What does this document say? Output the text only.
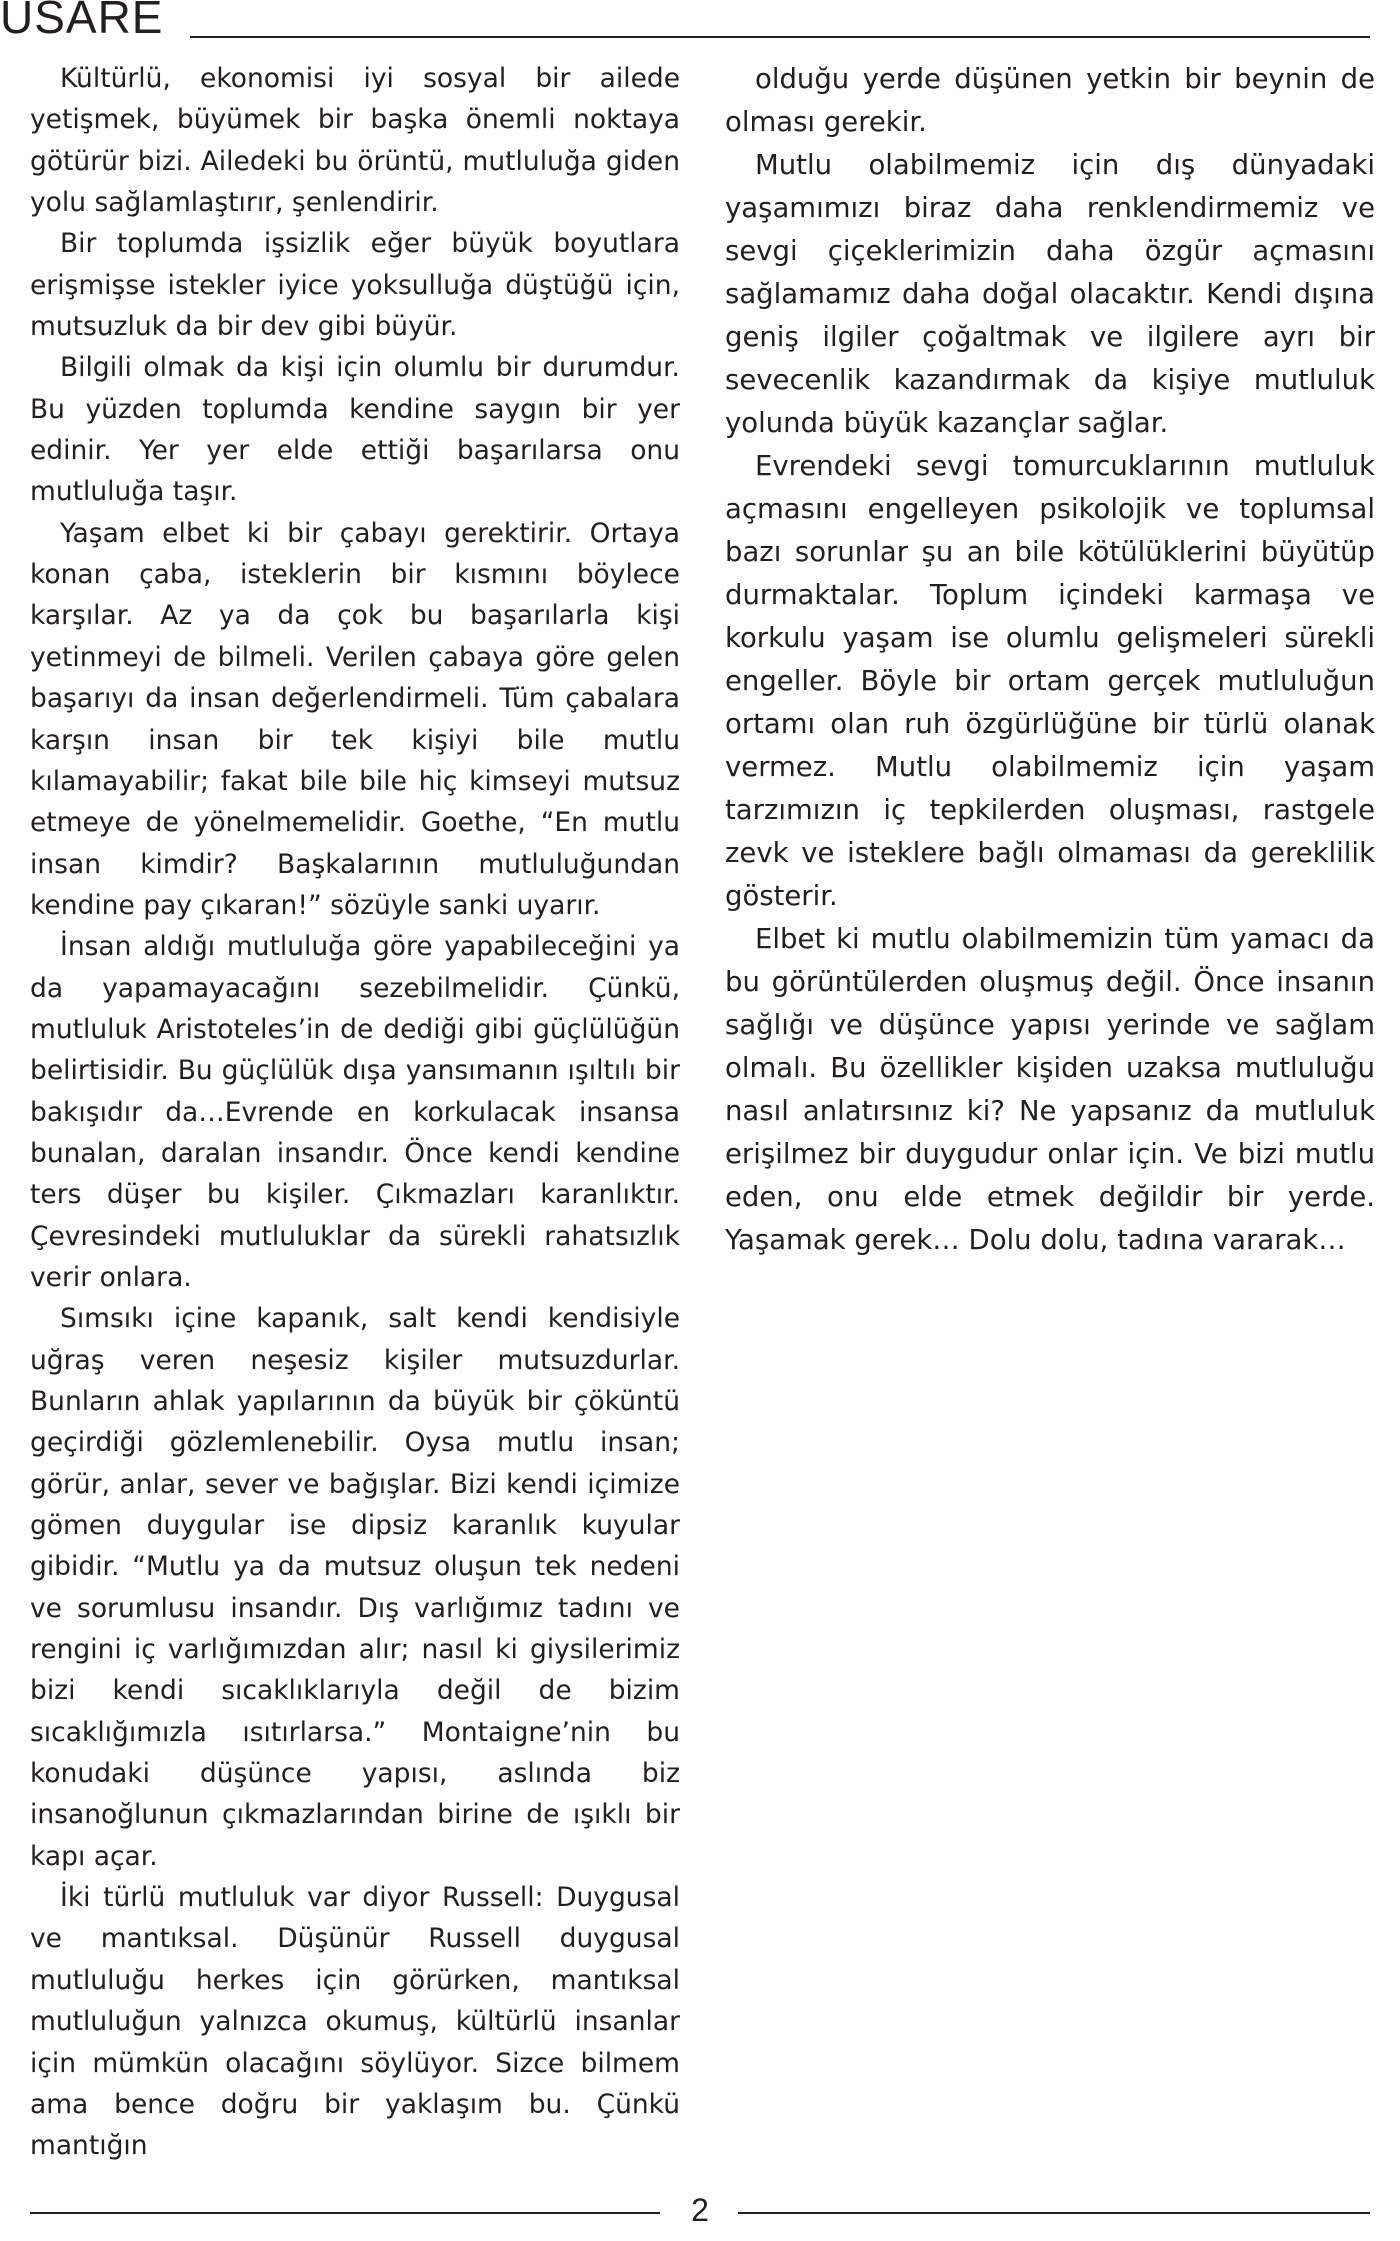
USARE

Kültürlü, ekonomisi iyi sosyal bir ailede yetişmek, büyümek bir başka önemli noktaya götürür bizi. Ailedeki bu örüntü, mutluluğa giden yolu sağlamlaştırır, şenlendirir.

Bir toplumda işsizlik eğer büyük boyutlara erişmişse istekler iyice yoksulluğa düştüğü için, mutsuzluk da bir dev gibi büyür.

Bilgili olmak da kişi için olumlu bir durumdur. Bu yüzden toplumda kendine saygın bir yer edinir. Yer yer elde ettiği başarılarsa onu mutluluğa taşır.

Yaşam elbet ki bir çabayı gerektirir. Ortaya konan çaba, isteklerin bir kısmını böylece karşılar. Az ya da çok bu başarılarla kişi yetinmeyi de bilmeli. Verilen çabaya göre gelen başarıyı da insan değerlendirmeli. Tüm çabalara karşın insan bir tek kişiyi bile mutlu kılamayabilir; fakat bile bile hiç kimseyi mutsuz etmeye de yönelmemelidir. Goethe, “En mutlu insan kimdir? Başkalarının mutluluğundan kendine pay çıkaran!” sözüyle sanki uyarır.

İnsan aldığı mutluluğa göre yapabileceğini ya da yapamayacağını sezebilmelidir. Çünkü, mutluluk Aristoteles’in de dediği gibi güçlülüğün belirtisidir. Bu güçlülük dışa yansımanın ışıltılı bir bakışıdır da…Evrende en korkulacak insansa bunalan, daralan insandır. Önce kendi kendine ters düşer bu kişiler. Çıkmazları karanlıktır. Çevresindeki mutluluklar da sürekli rahatsızlık verir onlara.

Sımsıkı içine kapanık, salt kendi kendisiyle uğraş veren neşesiz kişiler mutsuzdurlar. Bunların ahlak yapılarının da büyük bir çöküntü geçirdiği gözlemlenebilir. Oysa mutlu insan; görür, anlar, sever ve bağışlar. Bizi kendi içimize gömen duygular ise dipsiz karanlık kuyular gibidir. “Mutlu ya da mutsuz oluşun tek nedeni ve sorumlusu insandır. Dış varlığımız tadını ve rengini iç varlığımızdan alır; nasıl ki giysilerimiz bizi kendi sıcaklıklarıyla değil de bizim sıcaklığımızla ısıtırlarsa.” Montaigne’nin bu konudaki düşünce yapısı, aslında biz insanoğlunun çıkmazlarından birine de ışıklı bir kapı açar.

İki türlü mutluluk var diyor Russell: Duygusal ve mantıksal. Düşünür Russell duygusal mutluluğu herkes için görürken, mantıksal mutluluğun yalnızca okumuş, kültürlü insanlar için mümkün olacağını söylüyor. Sizce bilmem ama bence doğru bir yaklaşım bu. Çünkü mantığın

olduğu yerde düşünen yetkin bir beynin de olması gerekir.

Mutlu olabilmemiz için dış dünyadaki yaşamımızı biraz daha renklendirmemiz ve sevgi çiçeklerimizin daha özgür açmasını sağlamamız daha doğal olacaktır. Kendi dışına geniş ilgiler çoğaltmak ve ilgilere ayrı bir sevecenlik kazandırmak da kişiye mutluluk yolunda büyük kazançlar sağlar.

Evrendeki sevgi tomurcuklarının mutluluk açmasını engelleyen psikolojik ve toplumsal bazı sorunlar şu an bile kötülüklerini büyütüp durmaktalar. Toplum içindeki karmaşa ve korkulu yaşam ise olumlu gelişmeleri sürekli engeller. Böyle bir ortam gerçek mutluluğun ortamı olan ruh özgürlüğüne bir türlü olanak vermez. Mutlu olabilmemiz için yaşam tarzımızın iç tepkilerden oluşması, rastgele zevk ve isteklere bağlı olmaması da gereklilik gösterir.

Elbet ki mutlu olabilmemizin tüm yamacı da bu görüntülerden oluşmuş değil. Önce insanın sağlığı ve düşünce yapısı yerinde ve sağlam olmalı. Bu özellikler kişiden uzaksa mutluluğu nasıl anlatırsınız ki? Ne yapsanız da mutluluk erişilmez bir duygudur onlar için. Ve bizi mutlu eden, onu elde etmek değildir bir yerde. Yaşamak gerek… Dolu dolu, tadına vararak…

2
